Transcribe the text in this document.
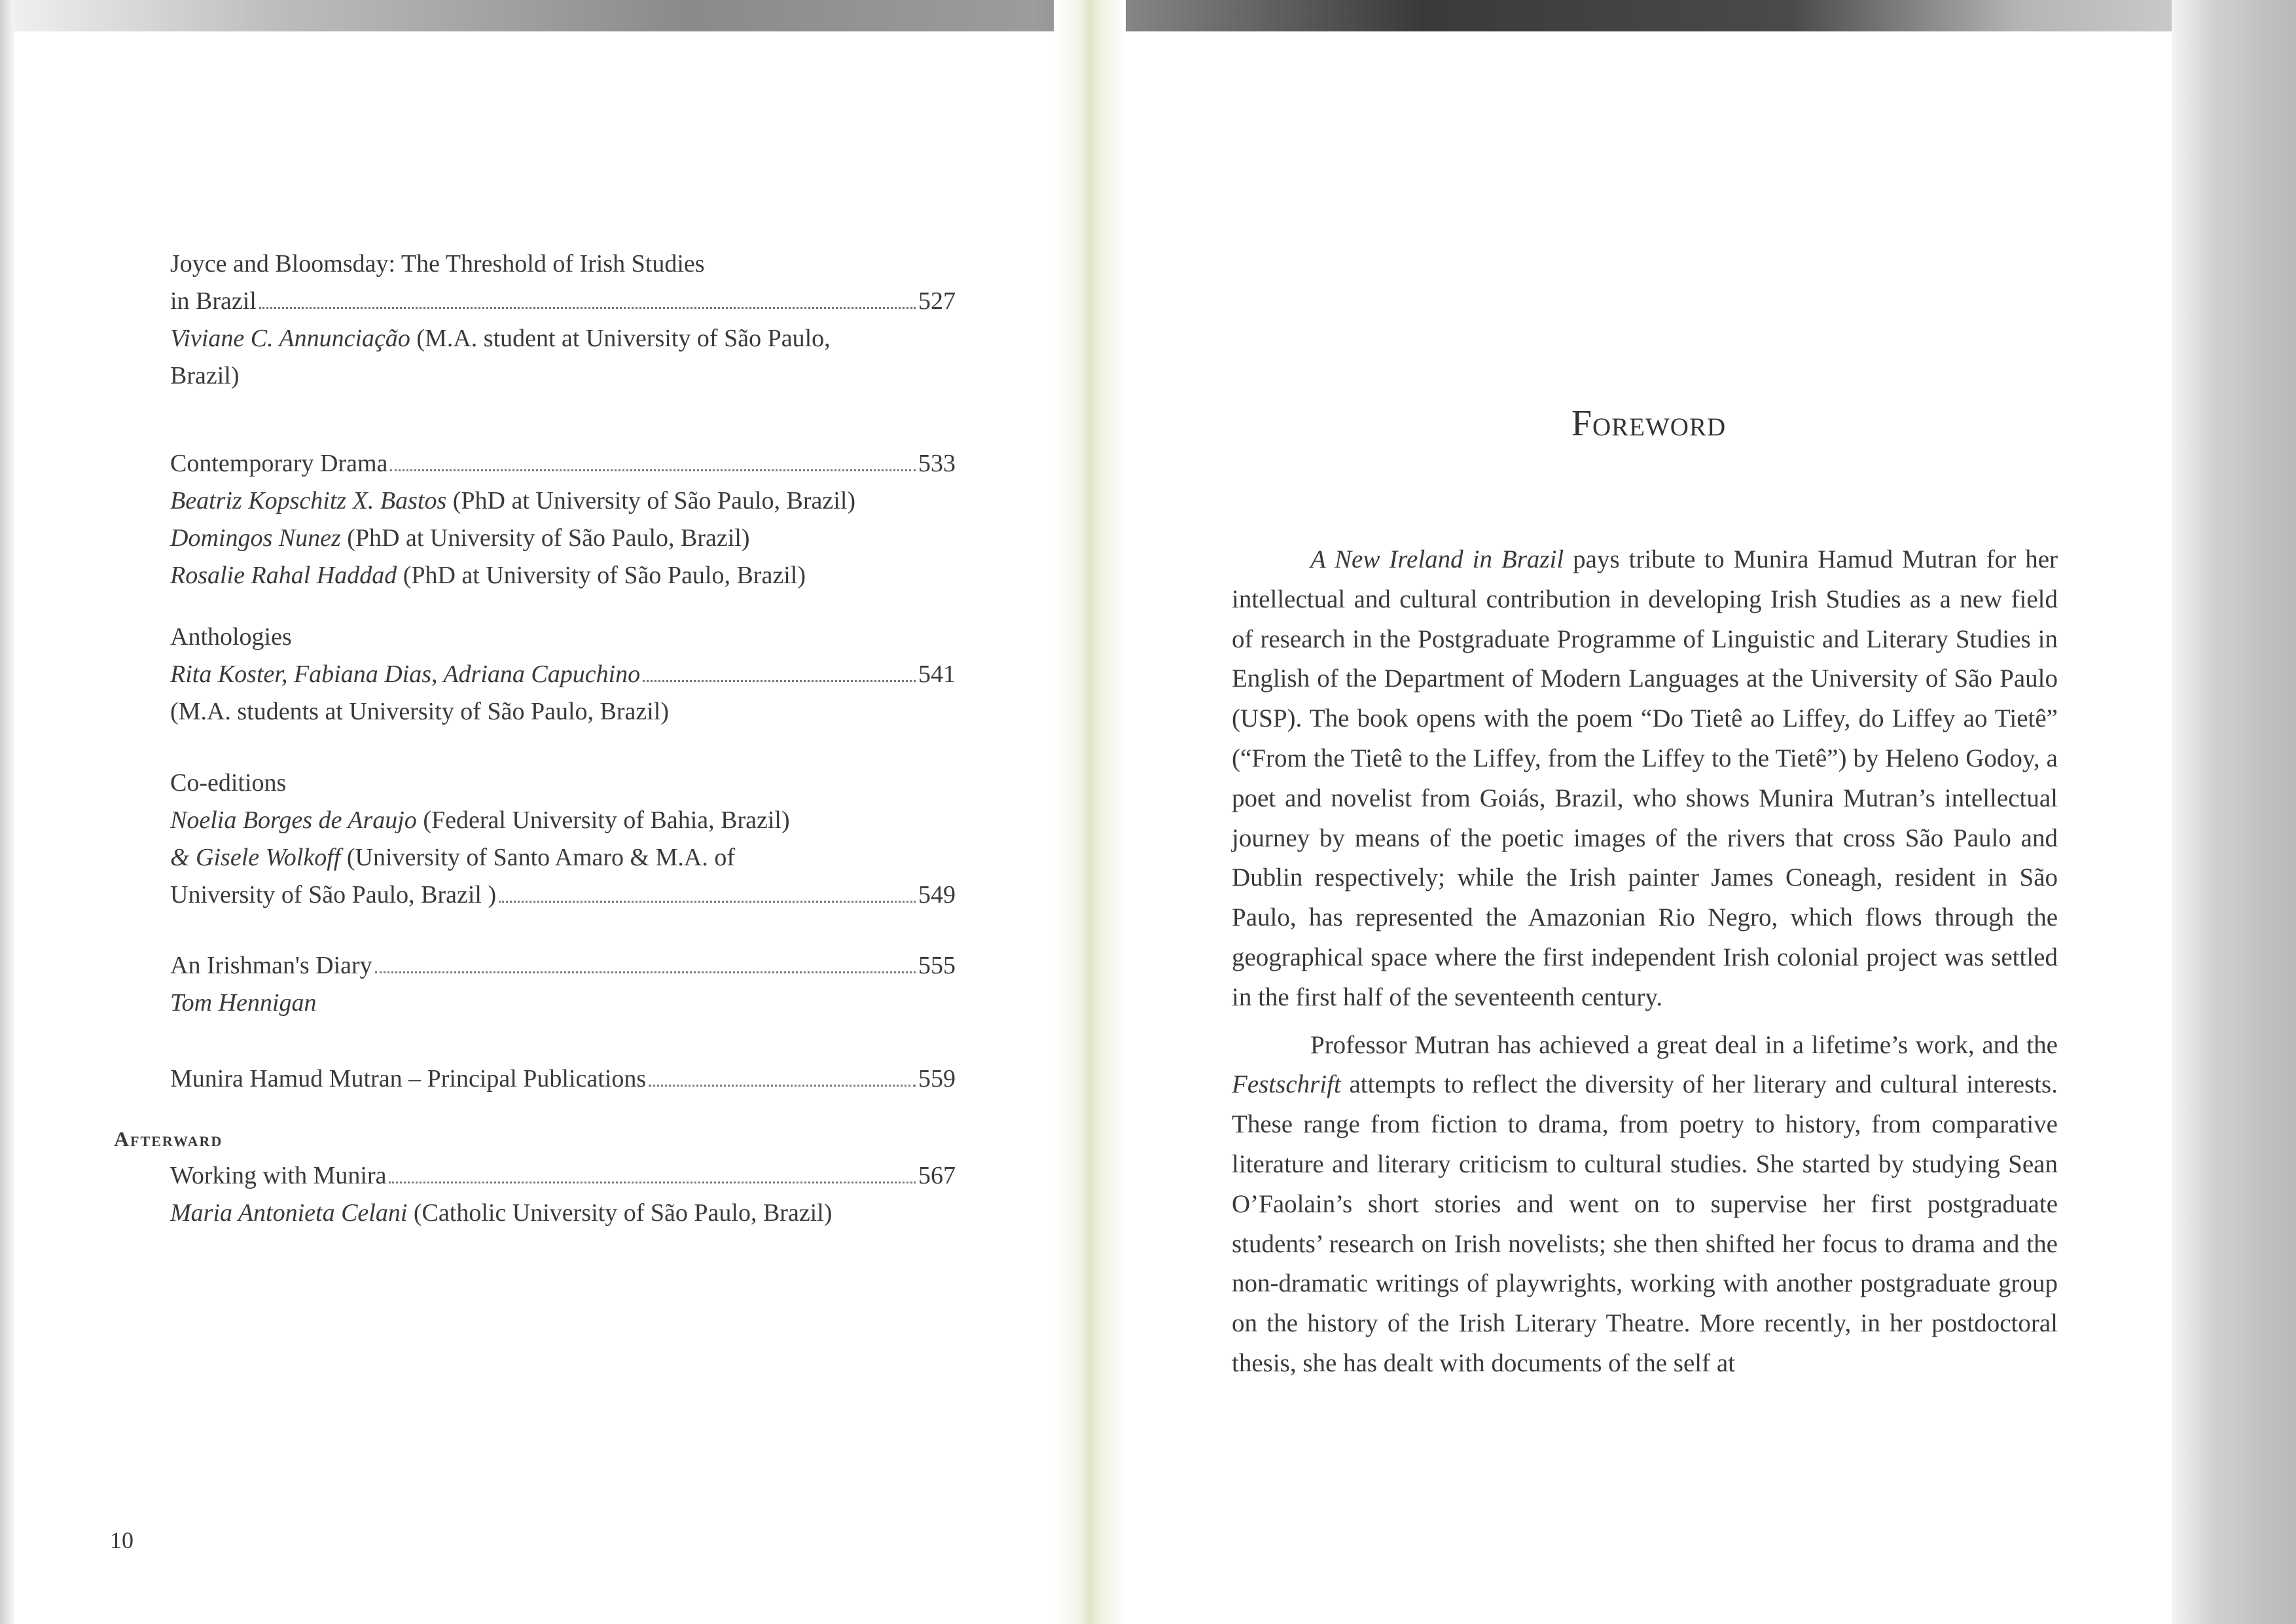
Joyce and Bloomsday: The Threshold of Irish Studies
in Brazil	527
Viviane C. Annunciação (M.A. student at University of São Paulo,
Brazil)
Contemporary Drama	533
Beatriz Kopschitz X. Bastos (PhD at University of São Paulo, Brazil)
Domingos Nunez (PhD at University of São Paulo, Brazil)
Rosalie Rahal Haddad (PhD at University of São Paulo, Brazil)
Anthologies
Rita Koster, Fabiana Dias, Adriana Capuchino	541
(M.A. students at University of São Paulo, Brazil)
Co-editions
Noelia Borges de Araujo (Federal University of Bahia, Brazil)
& Gisele Wolkoff (University of Santo Amaro & M.A. of
University of São Paulo, Brazil )	549
An Irishman's Diary	555
Tom Hennigan
Munira Hamud Mutran – Principal Publications	559
Afterward
Working with Munira	567
Maria Antonieta Celani (Catholic University of São Paulo, Brazil)
10
Foreword

A New Ireland in Brazil pays tribute to Munira Hamud Mutran for her intellectual and cultural contribution in developing Irish Studies as a new field of research in the Postgraduate Programme of Linguistic and Literary Studies in English of the Department of Modern Languages at the University of São Paulo (USP). The book opens with the poem “Do Tietê ao Liffey, do Liffey ao Tietê” (“From the Tietê to the Liffey, from the Liffey to the Tietê”) by Heleno Godoy, a poet and novelist from Goiás, Brazil, who shows Munira Mutran’s intellectual journey by means of the poetic images of the rivers that cross São Paulo and Dublin respectively; while the Irish painter James Coneagh, resident in São Paulo, has represented the Amazonian Rio Negro, which flows through the geographical space where the first independent Irish colonial project was settled in the first half of the seventeenth century.

Professor Mutran has achieved a great deal in a lifetime’s work, and the Festschrift attempts to reflect the diversity of her literary and cultural interests. These range from fiction to drama, from poetry to history, from comparative literature and literary criticism to cultural studies. She started by studying Sean O’Faolain’s short stories and went on to supervise her first postgraduate students’ research on Irish novelists; she then shifted her focus to drama and the non-dramatic writings of playwrights, working with another postgraduate group on the history of the Irish Literary Theatre. More recently, in her postdoctoral thesis, she has dealt with documents of the self at
